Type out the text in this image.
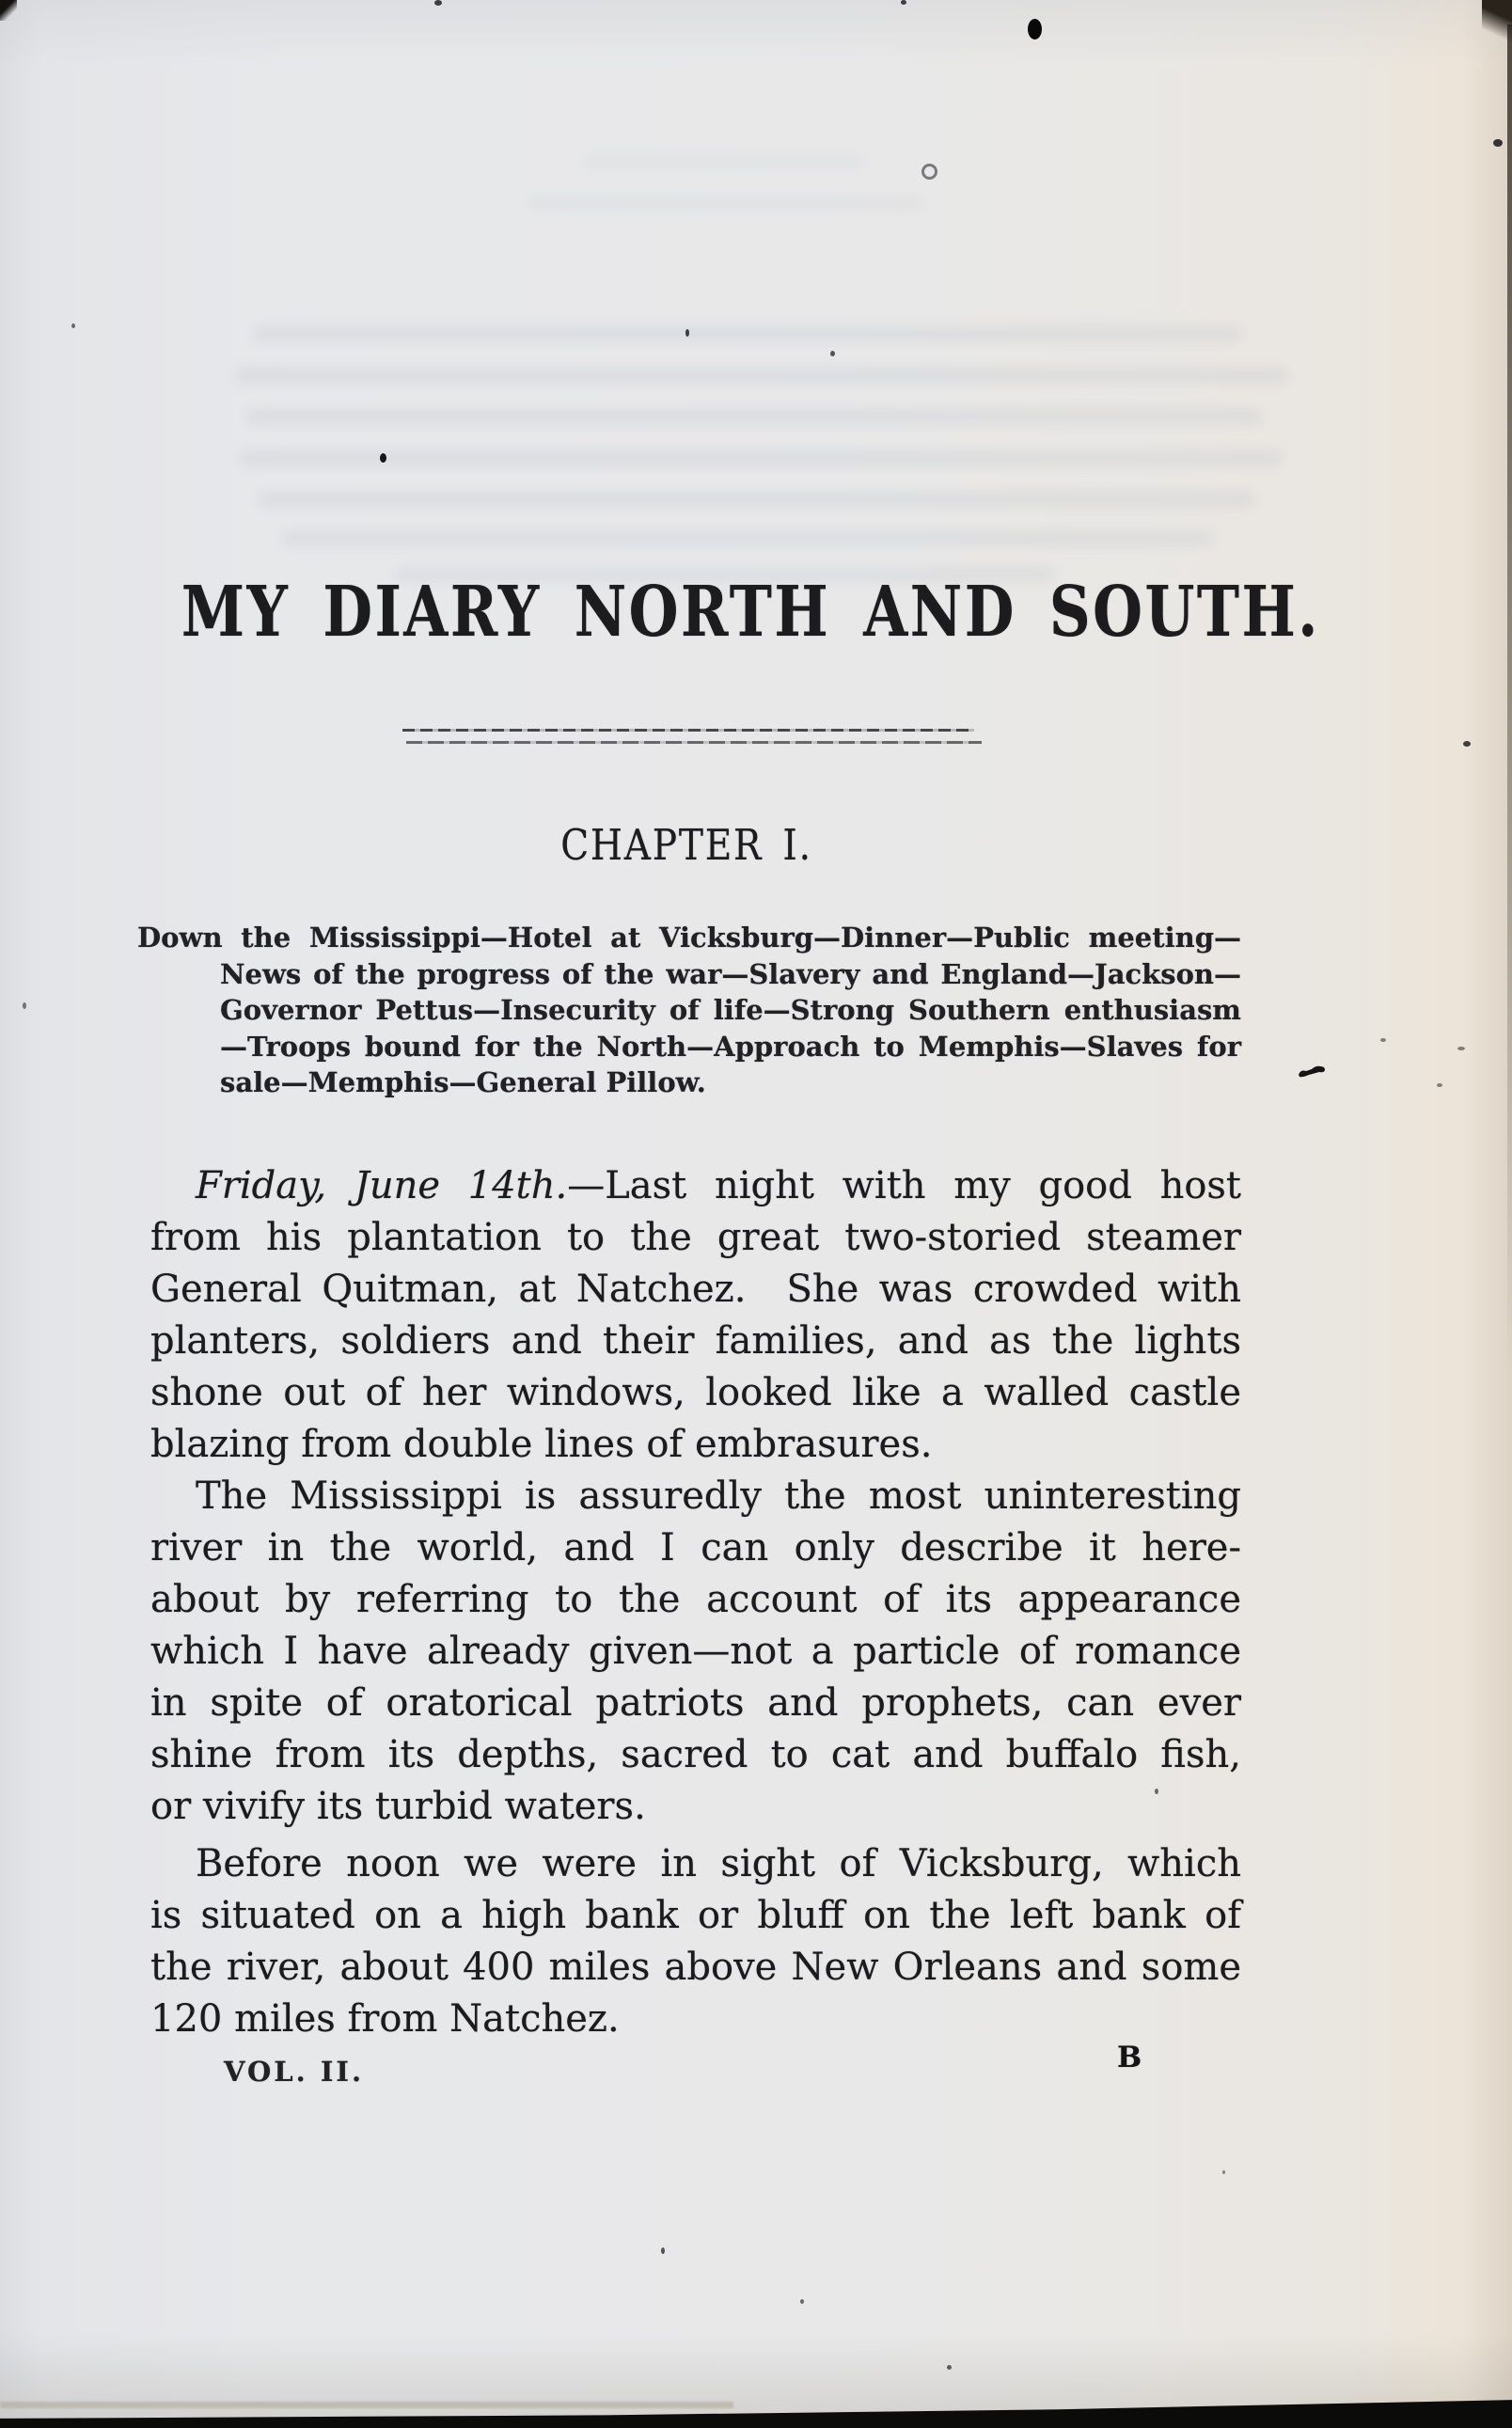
MY DIARY NORTH AND SOUTH.
CHAPTER I.
Down the Mississippi—Hotel at Vicksburg—Dinner—Public meeting—
News of the progress of the war—Slavery and England—Jackson—
Governor Pettus—Insecurity of life—Strong Southern enthusiasm
—Troops bound for the North—Approach to Memphis—Slaves for
sale—Memphis—General Pillow.
Friday, June 14th.—Last night with my good host
from his plantation to the great two-storied steamer
General Quitman, at Natchez.  She was crowded with
planters, soldiers and their families, and as the lights
shone out of her windows, looked like a walled castle
blazing from double lines of embrasures.
The Mississippi is assuredly the most uninteresting
river in the world, and I can only describe it here-
about by referring to the account of its appearance
which I have already given—not a particle of romance
in spite of oratorical patriots and prophets, can ever
shine from its depths, sacred to cat and buffalo fish,
or vivify its turbid waters.
Before noon we were in sight of Vicksburg, which
is situated on a high bank or bluff on the left bank of
the river, about 400 miles above New Orleans and some
120 miles from Natchez.
VOL. II.	B
